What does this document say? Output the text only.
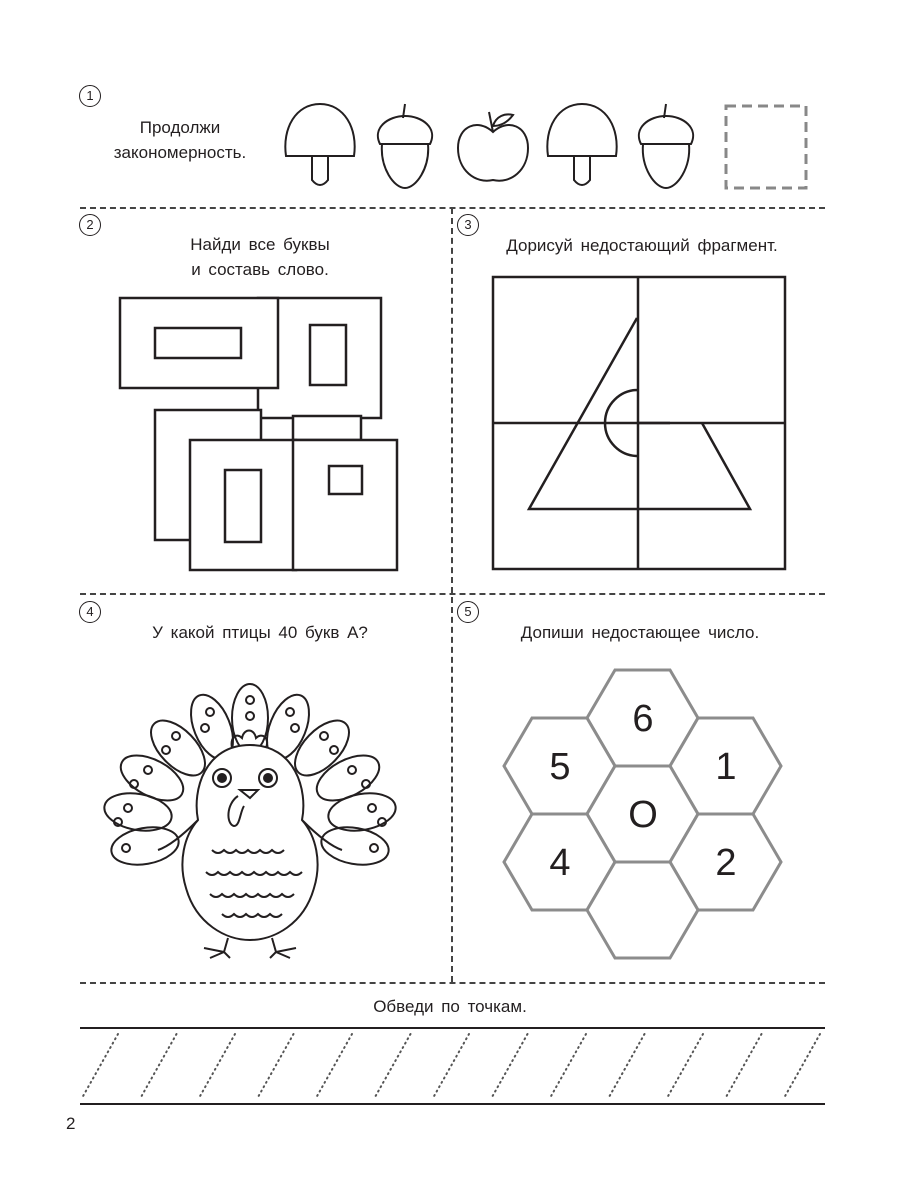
1
Продолжи
закономерность.
2
Найди все буквы
и составь слово.
3
Дорисуй недостающий фрагмент.
4
У какой птицы 40 букв А?
5
Допиши недостающее число.
6
5	1
О
4	2
Обведи по точкам.
2
